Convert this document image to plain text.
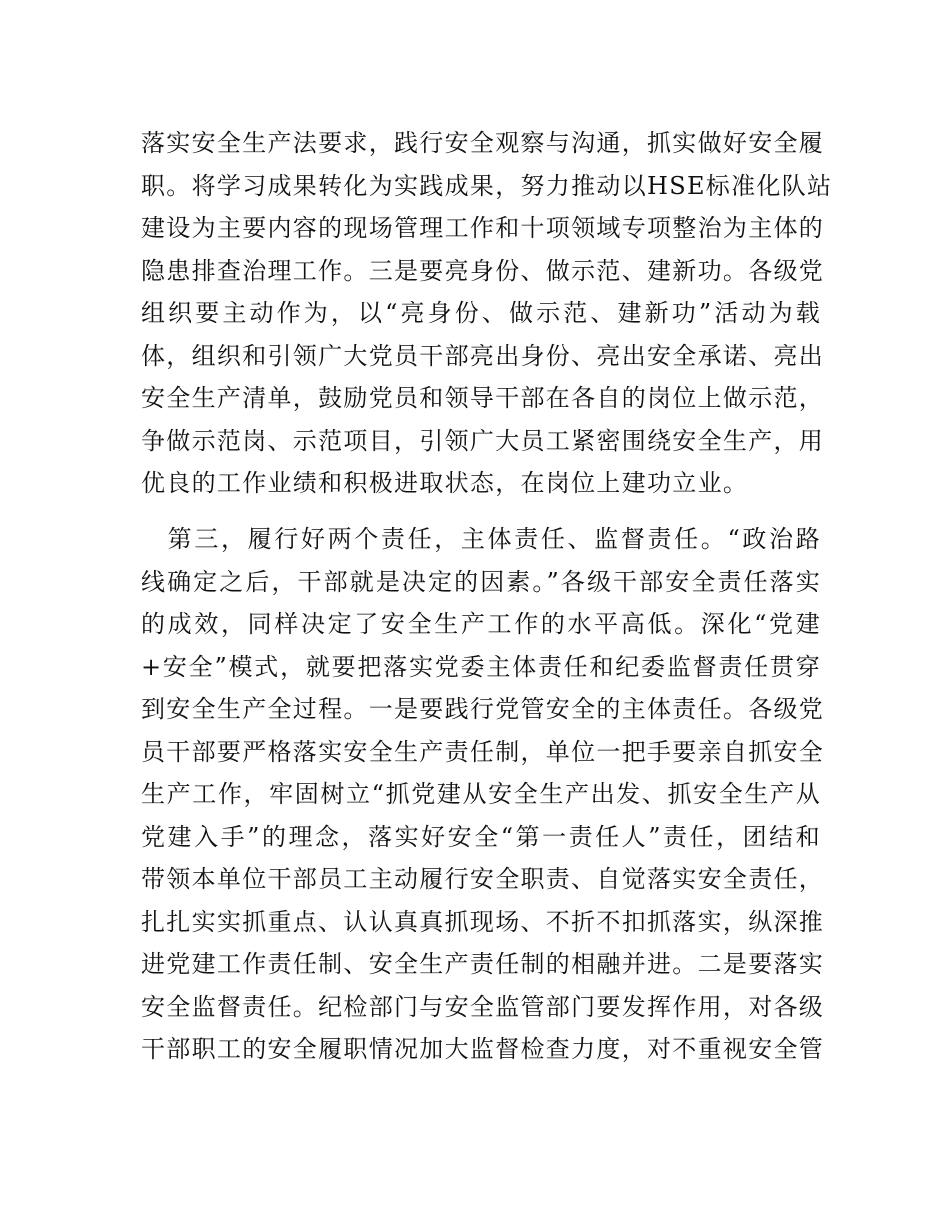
落实安全生产法要求，践行安全观察与沟通，抓实做好安全履
职。将学习成果转化为实践成果，努力推动以HSE标准化队站
建设为主要内容的现场管理工作和十项领域专项整治为主体的
隐患排查治理工作。三是要亮身份、做示范、建新功。各级党
组织要主动作为，以“亮身份、做示范、建新功”活动为载
体，组织和引领广大党员干部亮出身份、亮出安全承诺、亮出
安全生产清单，鼓励党员和领导干部在各自的岗位上做示范，
争做示范岗、示范项目，引领广大员工紧密围绕安全生产，用
优良的工作业绩和积极进取状态，在岗位上建功立业。
　第三，履行好两个责任，主体责任、监督责任。“政治路
线确定之后，干部就是决定的因素。”各级干部安全责任落实
的成效，同样决定了安全生产工作的水平高低。深化“党建
+安全”模式，就要把落实党委主体责任和纪委监督责任贯穿
到安全生产全过程。一是要践行党管安全的主体责任。各级党
员干部要严格落实安全生产责任制，单位一把手要亲自抓安全
生产工作，牢固树立“抓党建从安全生产出发、抓安全生产从
党建入手”的理念，落实好安全“第一责任人”责任，团结和
带领本单位干部员工主动履行安全职责、自觉落实安全责任，
扎扎实实抓重点、认认真真抓现场、不折不扣抓落实，纵深推
进党建工作责任制、安全生产责任制的相融并进。二是要落实
安全监督责任。纪检部门与安全监管部门要发挥作用，对各级
干部职工的安全履职情况加大监督检查力度，对不重视安全管
